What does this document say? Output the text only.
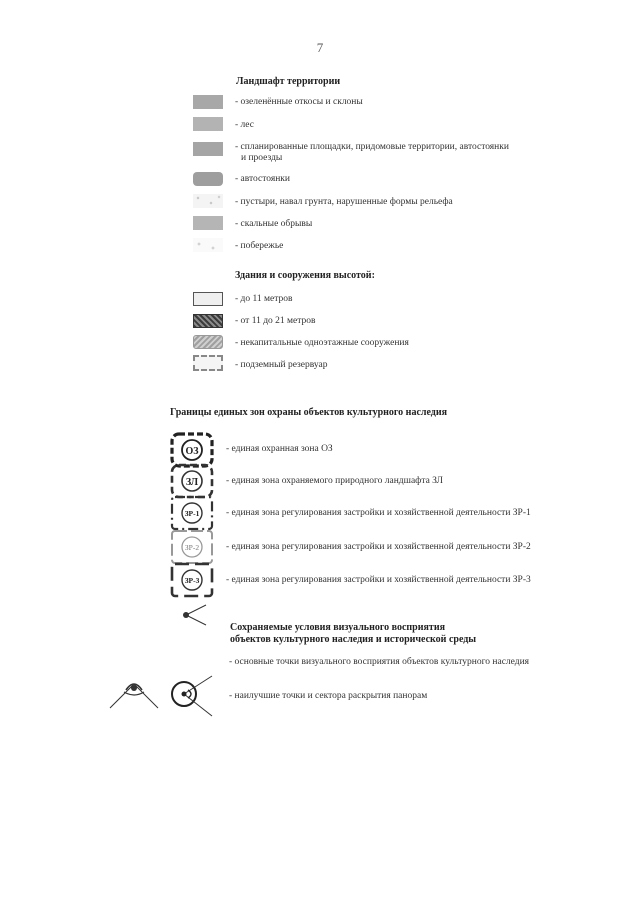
7
Ландшафт территории
- озеленённые откосы и склоны
- лес
- спланированные площадки, придомовые территории, автостоянки
и проезды
- автостоянки
- пустыри, навал грунта, нарушенные формы рельефа
- скальные обрывы
- побережье
Здания и сооружения высотой:
- до 11 метров
- от 11 до 21 метров
- некапитальные одноэтажные сооружения
- подземный резервуар
Границы единых зон охраны объектов культурного наследия
ОЗ	- единая охранная зона ОЗ
ЗЛ	- единая зона охраняемого природного ландшафта ЗЛ
ЗР-1	- единая зона регулирования застройки и хозяйственной деятельности ЗР-1
ЗР-2	- единая зона регулирования застройки и хозяйственной деятельности ЗР-2
ЗР-3	- единая зона регулирования застройки и хозяйственной деятельности ЗР-3
Сохраняемые условия визуального восприятия
объектов культурного наследия и исторической среды
- основные точки визуального восприятия объектов культурного наследия
- наилучшие точки и сектора раскрытия панорам
